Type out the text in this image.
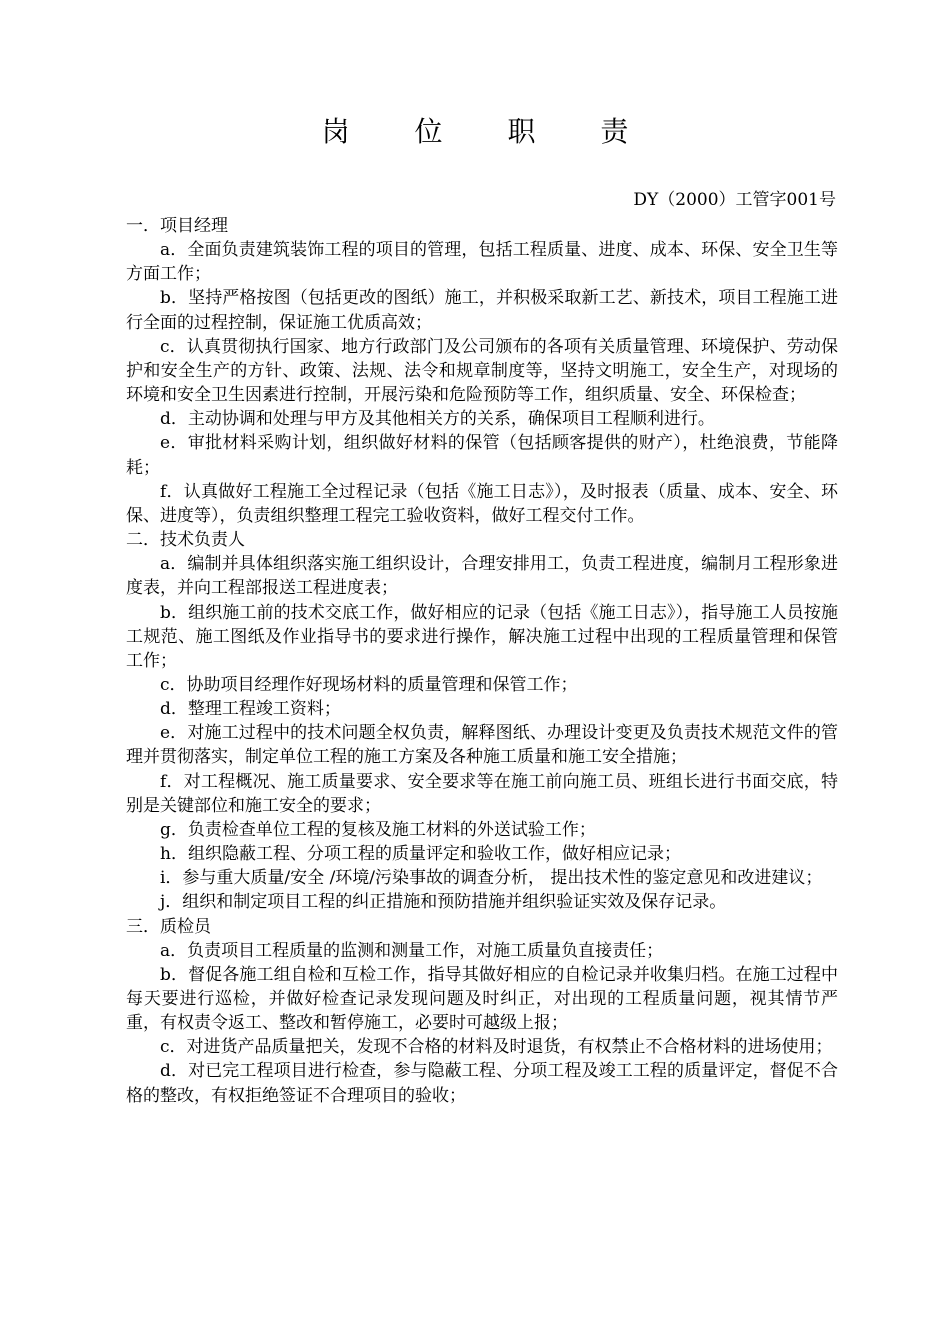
岗 位 职 责
DY（2000）工管字001号

一．项目经理

a．全面负责建筑装饰工程的项目的管理，包括工程质量、进度、成本、环保、安全卫生等方面工作；

b．坚持严格按图（包括更改的图纸）施工，并积极采取新工艺、新技术，项目工程施工进行全面的过程控制，保证施工优质高效；

c．认真贯彻执行国家、地方行政部门及公司颁布的各项有关质量管理、环境保护、劳动保护和安全生产的方针、政策、法规、法令和规章制度等，坚持文明施工，安全生产，对现场的环境和安全卫生因素进行控制，开展污染和危险预防等工作，组织质量、安全、环保检查；

d．主动协调和处理与甲方及其他相关方的关系，确保项目工程顺利进行。

e．审批材料采购计划，组织做好材料的保管（包括顾客提供的财产），杜绝浪费，节能降耗；

f．认真做好工程施工全过程记录（包括《施工日志》），及时报表（质量、成本、安全、环保、进度等），负责组织整理工程完工验收资料，做好工程交付工作。

二．技术负责人

a．编制并具体组织落实施工组织设计，合理安排用工，负责工程进度，编制月工程形象进度表，并向工程部报送工程进度表；

b．组织施工前的技术交底工作，做好相应的记录（包括《施工日志》），指导施工人员按施工规范、施工图纸及作业指导书的要求进行操作，解决施工过程中出现的工程质量管理和保管工作；

c．协助项目经理作好现场材料的质量管理和保管工作；

d．整理工程竣工资料；

e．对施工过程中的技术问题全权负责，解释图纸、办理设计变更及负责技术规范文件的管理并贯彻落实，制定单位工程的施工方案及各种施工质量和施工安全措施；

f．对工程概况、施工质量要求、安全要求等在施工前向施工员、班组长进行书面交底，特别是关键部位和施工安全的要求；

g．负责检查单位工程的复核及施工材料的外送试验工作；

h．组织隐蔽工程、分项工程的质量评定和验收工作，做好相应记录；

i．参与重大质量/安全 /环境/污染事故的调查分析， 提出技术性的鉴定意见和改进建议；

j．组织和制定项目工程的纠正措施和预防措施并组织验证实效及保存记录。

三．质检员

a．负责项目工程质量的监测和测量工作，对施工质量负直接责任；

b．督促各施工组自检和互检工作，指导其做好相应的自检记录并收集归档。在施工过程中每天要进行巡检，并做好检查记录发现问题及时纠正，对出现的工程质量问题，视其情节严重，有权责令返工、整改和暂停施工，必要时可越级上报；

c．对进货产品质量把关，发现不合格的材料及时退货，有权禁止不合格材料的进场使用；

d．对已完工程项目进行检查，参与隐蔽工程、分项工程及竣工工程的质量评定，督促不合格的整改，有权拒绝签证不合理项目的验收；
